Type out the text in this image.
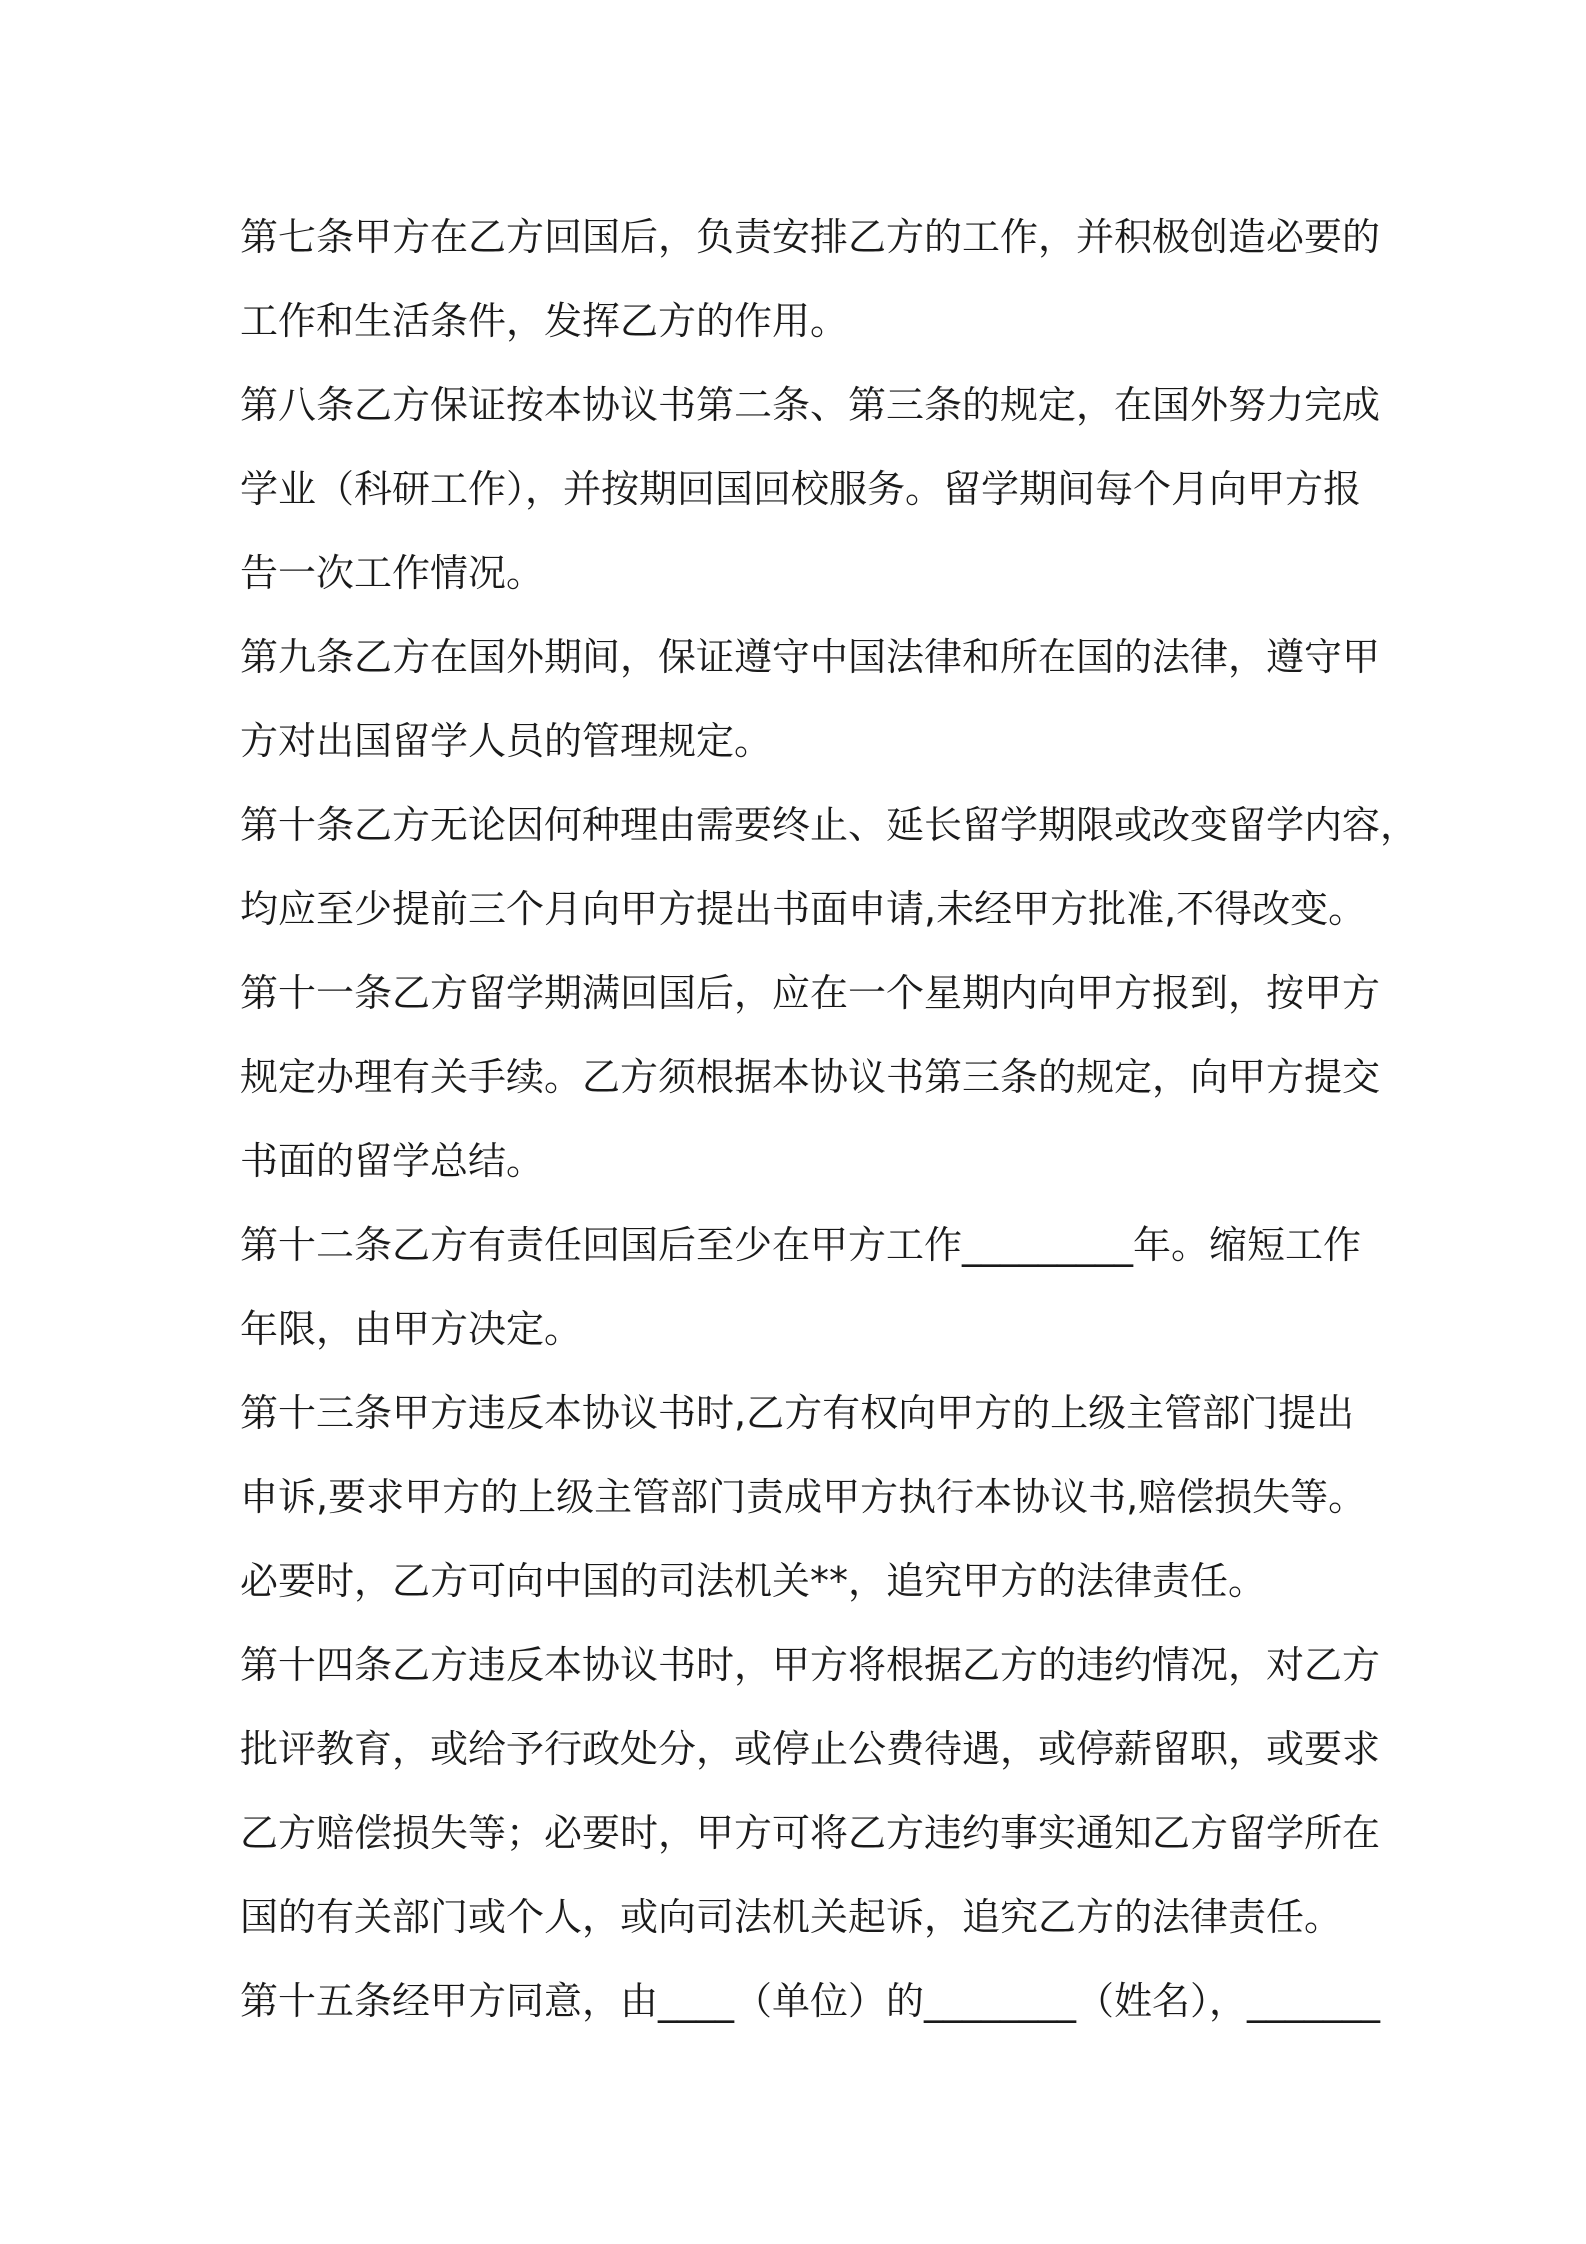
第七条甲方在乙方回国后，负责安排乙方的工作，并积极创造必要的
工作和生活条件，发挥乙方的作用。
第八条乙方保证按本协议书第二条、第三条的规定，在国外努力完成
学业（科研工作），并按期回国回校服务。留学期间每个月向甲方报
告一次工作情况。
第九条乙方在国外期间，保证遵守中国法律和所在国的法律，遵守甲
方对出国留学人员的管理规定。
第十条乙方无论因何种理由需要终止、延长留学期限或改变留学内容，
均应至少提前三个月向甲方提出书面申请,未经甲方批准,不得改变。
第十一条乙方留学期满回国后，应在一个星期内向甲方报到，按甲方
规定办理有关手续。乙方须根据本协议书第三条的规定，向甲方提交
书面的留学总结。
第十二条乙方有责任回国后至少在甲方工作_________年。缩短工作
年限，由甲方决定。
第十三条甲方违反本协议书时,乙方有权向甲方的上级主管部门提出
申诉,要求甲方的上级主管部门责成甲方执行本协议书,赔偿损失等。
必要时，乙方可向中国的司法机关**，追究甲方的法律责任。
第十四条乙方违反本协议书时，甲方将根据乙方的违约情况，对乙方
批评教育，或给予行政处分，或停止公费待遇，或停薪留职，或要求
乙方赔偿损失等；必要时，甲方可将乙方违约事实通知乙方留学所在
国的有关部门或个人，或向司法机关起诉，追究乙方的法律责任。
第十五条经甲方同意，由____（单位）的________（姓名），_______
